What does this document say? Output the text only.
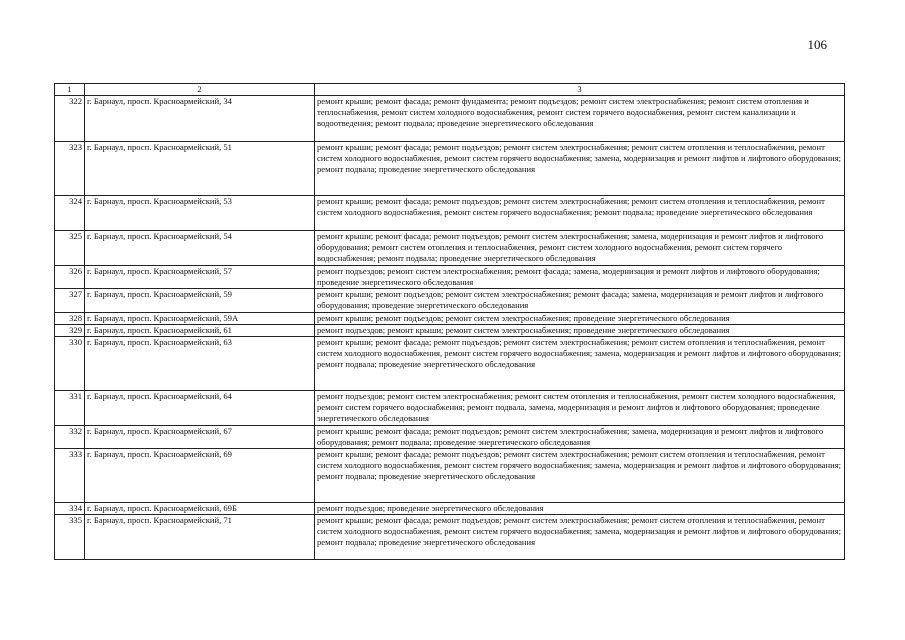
106
1	2	3
322	г. Барнаул, просп. Красноармейский, 34	ремонт крыши; ремонт фасада; ремонт фундамента; ремонт подъездов; ремонт систем электроснабжения; ремонт систем отопления и теплоснабжения, ремонт систем холодного водоснабжения, ремонт систем горячего водоснабжения, ремонт систем канализации и водоотведения; ремонт подвала; проведение энергетического обследования
323	г. Барнаул, просп. Красноармейский, 51	ремонт крыши; ремонт фасада; ремонт подъездов; ремонт систем электроснабжения; ремонт систем отопления и теплоснабжения, ремонт систем холодного водоснабжения, ремонт систем горячего водоснабжения; замена, модернизация и ремонт лифтов и лифтового оборудования; ремонт подвала; проведение энергетического обследования
324	г. Барнаул, просп. Красноармейский, 53	ремонт крыши; ремонт фасада; ремонт подъездов; ремонт систем электроснабжения; ремонт систем отопления и теплоснабжения, ремонт систем холодного водоснабжения, ремонт систем горячего водоснабжения; ремонт подвала; проведение энергетического обследования
325	г. Барнаул, просп. Красноармейский, 54	ремонт крыши; ремонт фасада; ремонт подъездов; ремонт систем электроснабжения; замена, модернизация и ремонт лифтов и лифтового оборудования; ремонт систем отопления и теплоснабжения, ремонт систем холодного водоснабжения, ремонт систем горячего водоснабжения; ремонт подвала; проведение энергетического обследования
326	г. Барнаул, просп. Красноармейский, 57	ремонт подъездов; ремонт систем электроснабжения; ремонт фасада; замена, модернизация и ремонт лифтов и лифтового оборудования; проведение энергетического обследования
327	г. Барнаул, просп. Красноармейский, 59	ремонт крыши; ремонт подъездов; ремонт систем электроснабжения; ремонт фасада; замена, модернизация и ремонт лифтов и лифтового оборудования; проведение энергетического обследования
328	г. Барнаул, просп. Красноармейский, 59А	ремонт крыши; ремонт подъездов; ремонт систем электроснабжения; проведение энергетического обследования
329	г. Барнаул, просп. Красноармейский, 61	ремонт подъездов; ремонт крыши; ремонт систем электроснабжения; проведение энергетического обследования
330	г. Барнаул, просп. Красноармейский, 63	ремонт крыши; ремонт фасада; ремонт подъездов; ремонт систем электроснабжения; ремонт систем отопления и теплоснабжения, ремонт систем холодного водоснабжения, ремонт систем горячего водоснабжения; замена, модернизация и ремонт лифтов и лифтового оборудования; ремонт подвала; проведение энергетического обследования
331	г. Барнаул, просп. Красноармейский, 64	ремонт подъездов; ремонт систем электроснабжения; ремонт систем отопления и теплоснабжения, ремонт систем холодного водоснабжения, ремонт систем горячего водоснабжения; ремонт подвала, замена, модернизация и ремонт лифтов и лифтового оборудования; проведение энергетического обследования
332	г. Барнаул, просп. Красноармейский, 67	ремонт крыши; ремонт фасада; ремонт подъездов; ремонт систем электроснабжения; замена, модернизация и ремонт лифтов и лифтового оборудования; ремонт подвала; проведение энергетического обследования
333	г. Барнаул, просп. Красноармейский, 69	ремонт крыши; ремонт фасада; ремонт подъездов; ремонт систем электроснабжения; ремонт систем отопления и теплоснабжения, ремонт систем холодного водоснабжения, ремонт систем горячего водоснабжения; замена, модернизация и ремонт лифтов и лифтового оборудования; ремонт подвала; проведение энергетического обследования
334	г. Барнаул, просп. Красноармейский, 69Б	ремонт подъездов; проведение энергетического обследования
335	г. Барнаул, просп. Красноармейский, 71	ремонт крыши; ремонт фасада; ремонт подъездов; ремонт систем электроснабжения; ремонт систем отопления и теплоснабжения, ремонт систем холодного водоснабжения, ремонт систем горячего водоснабжения; замена, модернизация и ремонт лифтов и лифтового оборудования; ремонт подвала; проведение энергетического обследования
